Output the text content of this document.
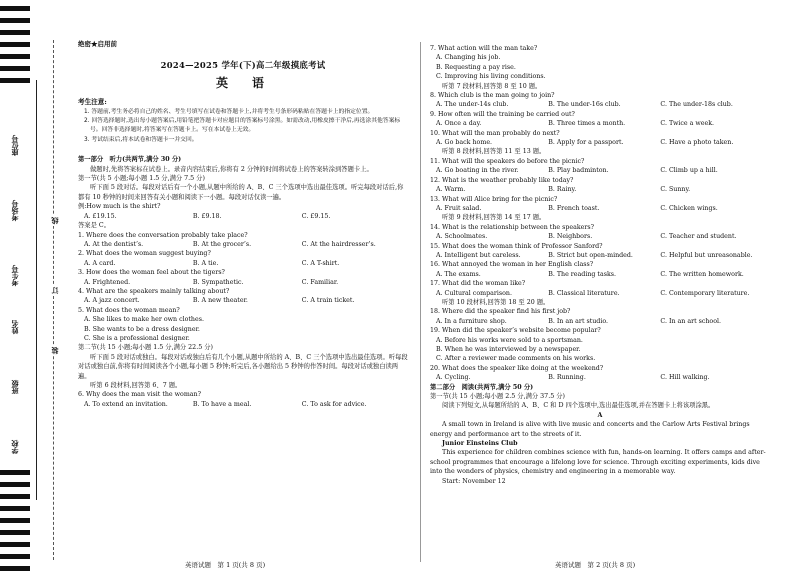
座位号
考场号
考生号
姓名
班级
学校
线
订
装
绝密★启用前
2024—2025 学年(下)高二年级摸底考试
英　语
考生注意:
1. 答题前,考生务必将自己的姓名、考生号填写在试卷和答题卡上,并将考生号条形码粘贴在答题卡上的指定位置。
2. 回答选择题时,选出每小题答案后,用铅笔把答题卡对应题目的答案标号涂黑。如需改动,用橡皮擦干净后,再选涂其他答案标号。回答非选择题时,将答案写在答题卡上。写在本试卷上无效。
3. 考试结束后,将本试卷和答题卡一并交回。
第一部分　听力(共两节,满分 30 分)
做题时,先将答案标在试卷上。录音内容结束后,你将有 2 分钟的时间将试卷上的答案转涂到答题卡上。
第一节(共 5 小题;每小题 1.5 分,满分 7.5 分)
听下面 5 段对话。每段对话后有一个小题,从题中所给的 A、B、C 三个选项中选出最佳选项。听完每段对话后,你都有 10 秒钟的时间来回答有关小题和阅读下一小题。每段对话仅读一遍。
例:How much is the shirt?
A. £19.15.	B. £9.18.	C. £9.15.
答案是 C。
1. Where does the conversation probably take place?
A. At the dentist’s.	B. At the grocer’s.	C. At the hairdresser’s.
2. What does the woman suggest buying?
A. A card.	B. A tie.	C. A T-shirt.
3. How does the woman feel about the tigers?
A. Frightened.	B. Sympathetic.	C. Familiar.
4. What are the speakers mainly talking about?
A. A jazz concert.	B. A new theater.	C. A train ticket.
5. What does the woman mean?
A. She likes to make her own clothes.
B. She wants to be a dress designer.
C. She is a professional designer.
第二节(共 15 小题;每小题 1.5 分,满分 22.5 分)
听下面 5 段对话或独白。每段对话或独白后有几个小题,从题中所给的 A、B、C 三个选项中选出最佳选项。听每段对话或独白前,你将有时间阅读各个小题,每小题 5 秒钟;听完后,各小题给出 5 秒钟的作答时间。每段对话或独白读两遍。
听第 6 段材料,回答第 6、7 题。
6. Why does the man visit the woman?
A. To extend an invitation.	B. To have a meal.	C. To ask for advice.
英语试题　第 1 页(共 8 页)
7. What action will the man take?
A. Changing his job.
B. Requesting a pay rise.
C. Improving his living conditions.
听第 7 段材料,回答第 8 至 10 题。
8. Which club is the man going to join?
A. The under-14s club.	B. The under-16s club.	C. The under-18s club.
9. How often will the training be carried out?
A. Once a day.	B. Three times a month.	C. Twice a week.
10. What will the man probably do next?
A. Go back home.	B. Apply for a passport.	C. Have a photo taken.
听第 8 段材料,回答第 11 至 13 题。
11. What will the speakers do before the picnic?
A. Go boating in the river.	B. Play badminton.	C. Climb up a hill.
12. What is the weather probably like today?
A. Warm.	B. Rainy.	C. Sunny.
13. What will Alice bring for the picnic?
A. Fruit salad.	B. French toast.	C. Chicken wings.
听第 9 段材料,回答第 14 至 17 题。
14. What is the relationship between the speakers?
A. Schoolmates.	B. Neighbors.	C. Teacher and student.
15. What does the woman think of Professor Sanford?
A. Intelligent but careless.	B. Strict but open-minded.	C. Helpful but unreasonable.
16. What annoyed the woman in her English class?
A. The exams.	B. The reading tasks.	C. The written homework.
17. What did the woman like?
A. Cultural comparison.	B. Classical literature.	C. Contemporary literature.
听第 10 段材料,回答第 18 至 20 题。
18. Where did the speaker find his first job?
A. In a furniture shop.	B. In an art studio.	C. In an art school.
19. When did the speaker’s website become popular?
A. Before his works were sold to a sportsman.
B. When he was interviewed by a newspaper.
C. After a reviewer made comments on his works.
20. What does the speaker like doing at the weekend?
A. Cycling.	B. Running.	C. Hill walking.
第二部分　阅读(共两节,满分 50 分)
第一节(共 15 小题;每小题 2.5 分,满分 37.5 分)
阅读下列短文,从每题所给的 A、B、C 和 D 四个选项中,选出最佳选项,并在答题卡上将该项涂黑。
A
A small town in Ireland is alive with live music and concerts and the Carlow Arts Festival brings energy and performance art to the streets of it.
Junior Einsteins Club
This experience for children combines science with fun, hands-on learning. It offers camps and after-school programmes that encourage a lifelong love for science. Through exciting experiments, kids dive into the wonders of physics, chemistry and engineering in a memorable way.
Start: November 12
英语试题　第 2 页(共 8 页)
